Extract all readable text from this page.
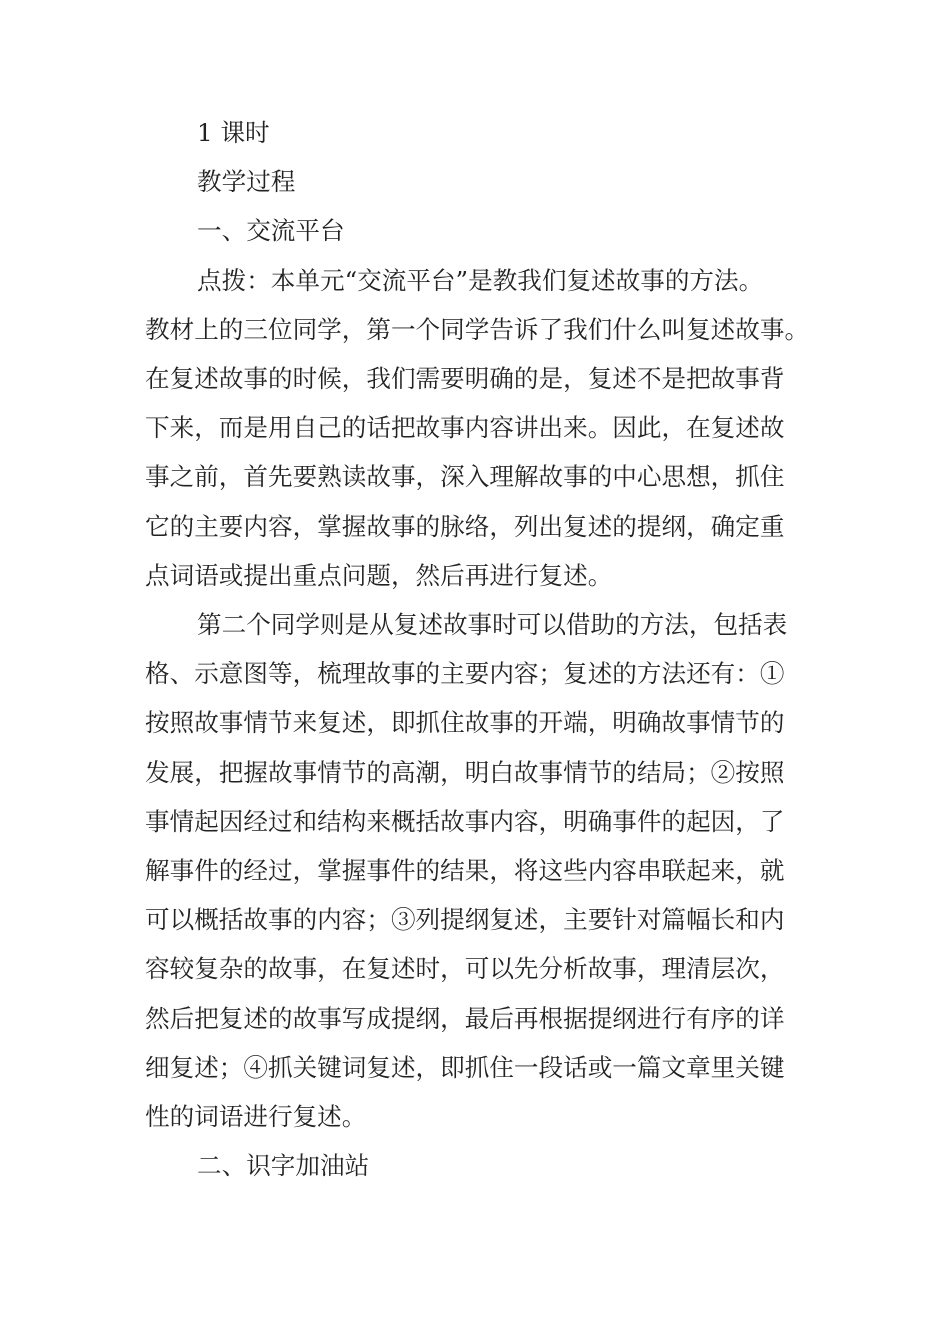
1 课时

教学过程

一、交流平台

点拨：本单元“交流平台”是教我们复述故事的方法。

教材上的三位同学，第一个同学告诉了我们什么叫复述故事。

在复述故事的时候，我们需要明确的是，复述不是把故事背

下来，而是用自己的话把故事内容讲出来。因此，在复述故

事之前，首先要熟读故事，深入理解故事的中心思想，抓住

它的主要内容，掌握故事的脉络，列出复述的提纲，确定重

点词语或提出重点问题，然后再进行复述。

第二个同学则是从复述故事时可以借助的方法，包括表

格、示意图等，梳理故事的主要内容；复述的方法还有：①

按照故事情节来复述，即抓住故事的开端，明确故事情节的

发展，把握故事情节的高潮，明白故事情节的结局；②按照

事情起因经过和结构来概括故事内容，明确事件的起因，了

解事件的经过，掌握事件的结果，将这些内容串联起来，就

可以概括故事的内容；③列提纲复述，主要针对篇幅长和内

容较复杂的故事，在复述时，可以先分析故事，理清层次，

然后把复述的故事写成提纲，最后再根据提纲进行有序的详

细复述；④抓关键词复述，即抓住一段话或一篇文章里关键

性的词语进行复述。

二、识字加油站
